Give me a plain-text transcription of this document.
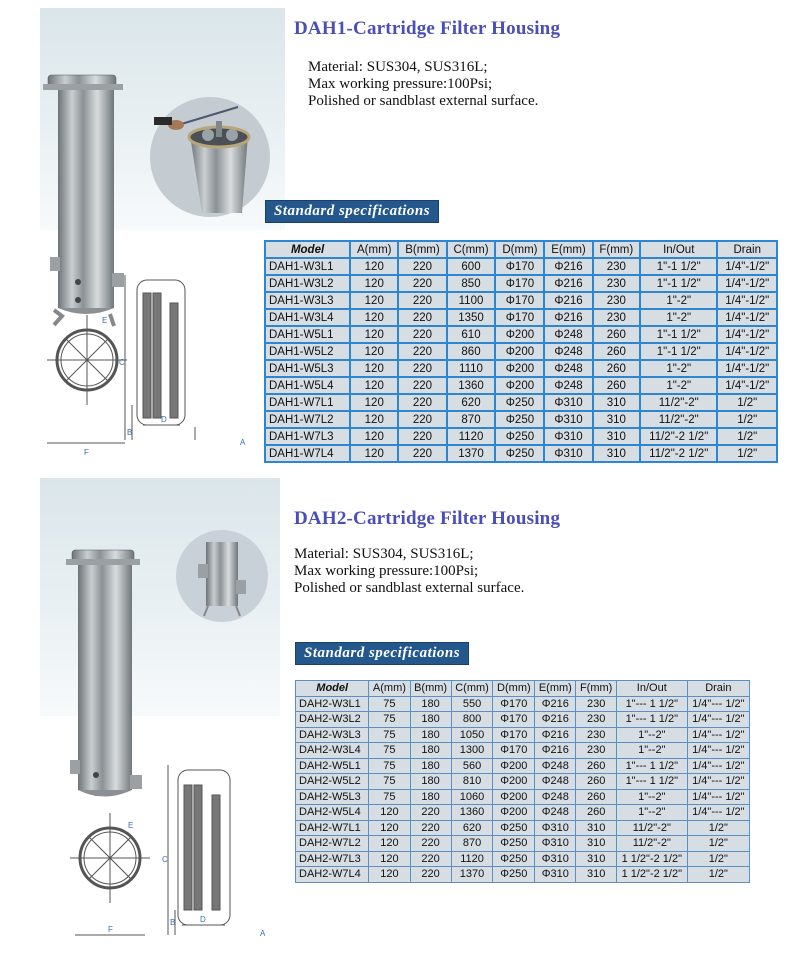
DAH1-Cartridge Filter Housing
Material: SUS304, SUS316L;
Max working pressure:100Psi;
Polished or sandblast external surface.
Standard specifications
Model	A(mm)	B(mm)	C(mm)	D(mm)	E(mm)	F(mm)	In/Out	Drain
DAH1-W3L1	120	220	600	Φ170	Φ216	230	1"-1 1/2"	1/4"-1/2"
DAH1-W3L2	120	220	850	Φ170	Φ216	230	1"-1 1/2"	1/4"-1/2"
DAH1-W3L3	120	220	1100	Φ170	Φ216	230	1"-2"	1/4"-1/2"
DAH1-W3L4	120	220	1350	Φ170	Φ216	230	1"-2"	1/4"-1/2"
DAH1-W5L1	120	220	610	Φ200	Φ248	260	1"-1 1/2"	1/4"-1/2"
DAH1-W5L2	120	220	860	Φ200	Φ248	260	1"-1 1/2"	1/4"-1/2"
DAH1-W5L3	120	220	1110	Φ200	Φ248	260	1"-2"	1/4"-1/2"
DAH1-W5L4	120	220	1360	Φ200	Φ248	260	1"-2"	1/4"-1/2"
DAH1-W7L1	120	220	620	Φ250	Φ310	310	11/2"-2"	1/2"
DAH1-W7L2	120	220	870	Φ250	Φ310	310	11/2"-2"	1/2"
DAH1-W7L3	120	220	1120	Φ250	Φ310	310	11/2"-2 1/2"	1/2"
DAH1-W7L4	120	220	1370	Φ250	Φ310	310	11/2"-2 1/2"	1/2"
C
B
D
A
E
F
DAH2-Cartridge Filter Housing
Material: SUS304, SUS316L;
Max working pressure:100Psi;
Polished or sandblast external surface.
Standard specifications
Model	A(mm)	B(mm)	C(mm)	D(mm)	E(mm)	F(mm)	In/Out	Drain
DAH2-W3L1	75	180	550	Φ170	Φ216	230	1"--- 1 1/2"	1/4"--- 1/2"
DAH2-W3L2	75	180	800	Φ170	Φ216	230	1"--- 1 1/2"	1/4"--- 1/2"
DAH2-W3L3	75	180	1050	Φ170	Φ216	230	1"--2"	1/4"--- 1/2"
DAH2-W3L4	75	180	1300	Φ170	Φ216	230	1"--2"	1/4"--- 1/2"
DAH2-W5L1	75	180	560	Φ200	Φ248	260	1"--- 1 1/2"	1/4"--- 1/2"
DAH2-W5L2	75	180	810	Φ200	Φ248	260	1"--- 1 1/2"	1/4"--- 1/2"
DAH2-W5L3	75	180	1060	Φ200	Φ248	260	1"--2"	1/4"--- 1/2"
DAH2-W5L4	120	220	1360	Φ200	Φ248	260	1"--2"	1/4"--- 1/2"
DAH2-W7L1	120	220	620	Φ250	Φ310	310	11/2"-2"	1/2"
DAH2-W7L2	120	220	870	Φ250	Φ310	310	11/2"-2"	1/2"
DAH2-W7L3	120	220	1120	Φ250	Φ310	310	1 1/2"-2 1/2"	1/2"
DAH2-W7L4	120	220	1370	Φ250	Φ310	310	1 1/2"-2 1/2"	1/2"
C
B	D
A
E
F
